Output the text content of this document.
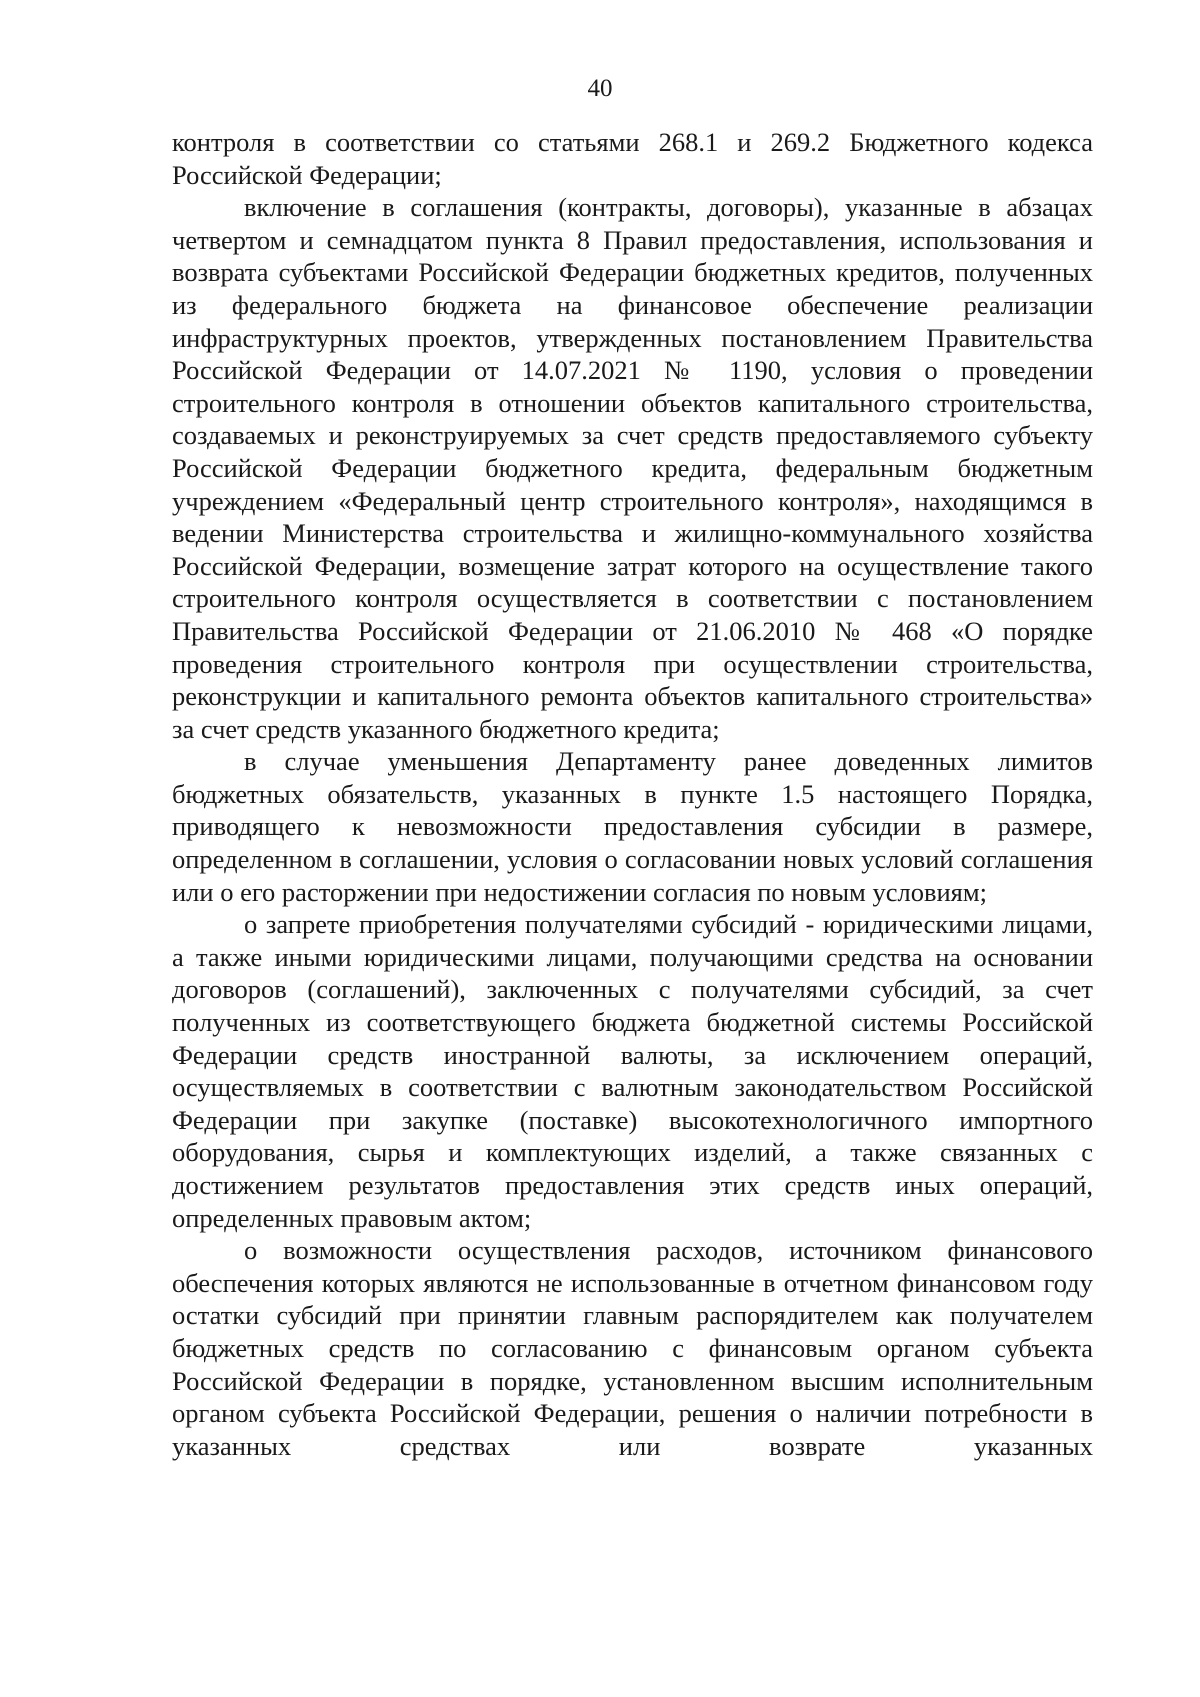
40

контроля в соответствии со статьями 268.1 и 269.2 Бюджетного кодекса Российской Федерации;

включение в соглашения (контракты, договоры), указанные в абзацах четвертом и семнадцатом пункта 8 Правил предоставления, использования и возврата субъектами Российской Федерации бюджетных кредитов, полученных из федерального бюджета на финансовое обеспечение реализации инфраструктурных проектов, утвержденных постановлением Правительства Российской Федерации от 14.07.2021 № 1190, условия о проведении строительного контроля в отношении объектов капитального строительства, создаваемых и реконструируемых за счет средств предоставляемого субъекту Российской Федерации бюджетного кредита, федеральным бюджетным учреждением «Федеральный центр строительного контроля», находящимся в ведении Министерства строительства и жилищно-коммунального хозяйства Российской Федерации, возмещение затрат которого на осуществление такого строительного контроля осуществляется в соответствии с постановлением Правительства Российской Федерации от 21.06.2010 № 468 «О порядке проведения строительного контроля при осуществлении строительства, реконструкции и капитального ремонта объектов капитального строительства» за счет средств указанного бюджетного кредита;

в случае уменьшения Департаменту ранее доведенных лимитов бюджетных обязательств, указанных в пункте 1.5 настоящего Порядка, приводящего к невозможности предоставления субсидии в размере, определенном в соглашении, условия о согласовании новых условий соглашения или о его расторжении при недостижении согласия по новым условиям;

о запрете приобретения получателями субсидий - юридическими лицами, а также иными юридическими лицами, получающими средства на основании договоров (соглашений), заключенных с получателями субсидий, за счет полученных из соответствующего бюджета бюджетной системы Российской Федерации средств иностранной валюты, за исключением операций, осуществляемых в соответствии с валютным законодательством Российской Федерации при закупке (поставке) высокотехнологичного импортного оборудования, сырья и комплектующих изделий, а также связанных с достижением результатов предоставления этих средств иных операций, определенных правовым актом;

о возможности осуществления расходов, источником финансового обеспечения которых являются не использованные в отчетном финансовом году остатки субсидий при принятии главным распорядителем как получателем бюджетных средств по согласованию с финансовым органом субъекта Российской Федерации в порядке, установленном высшим исполнительным органом субъекта Российской Федерации, решения о наличии потребности в указанных средствах или возврате указанных
